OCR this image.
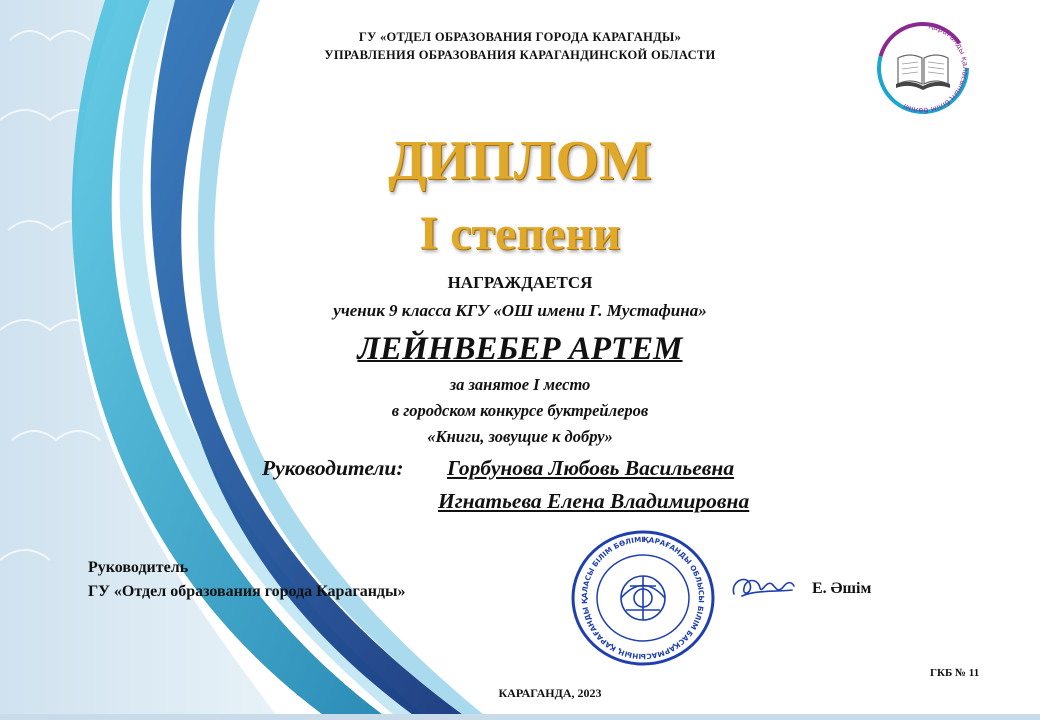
ГУ «ОТДЕЛ ОБРАЗОВАНИЯ ГОРОДА КАРАГАНДЫ»
УПРАВЛЕНИЯ ОБРАЗОВАНИЯ КАРАГАНДИНСКОЙ ОБЛАСТИ
Қарағанды қаласының білім бөлімі
ДИПЛОМ
I степени
НАГРАЖДАЕТСЯ
ученик 9 класса КГУ «ОШ имени Г. Мустафина»
ЛЕЙНВЕБЕР АРТЕМ
за занятое I место
в городском конкурсе буктрейлеров
«Книги, зовущие к добру»
Руководители: Горбунова Любовь Васильевна
Игнатьева Елена Владимировна
Руководитель
ГУ «Отдел образования города Караганды»
ҚАРАҒАНДЫ ОБЛЫСЫ БІЛІМ БАСҚАРМАСЫНЫҢ ҚАРАҒАНДЫ ҚАЛАСЫ БІЛІМ БӨЛІМІ
Е. Әшім
ГКБ № 11
КАРАГАНДА, 2023
